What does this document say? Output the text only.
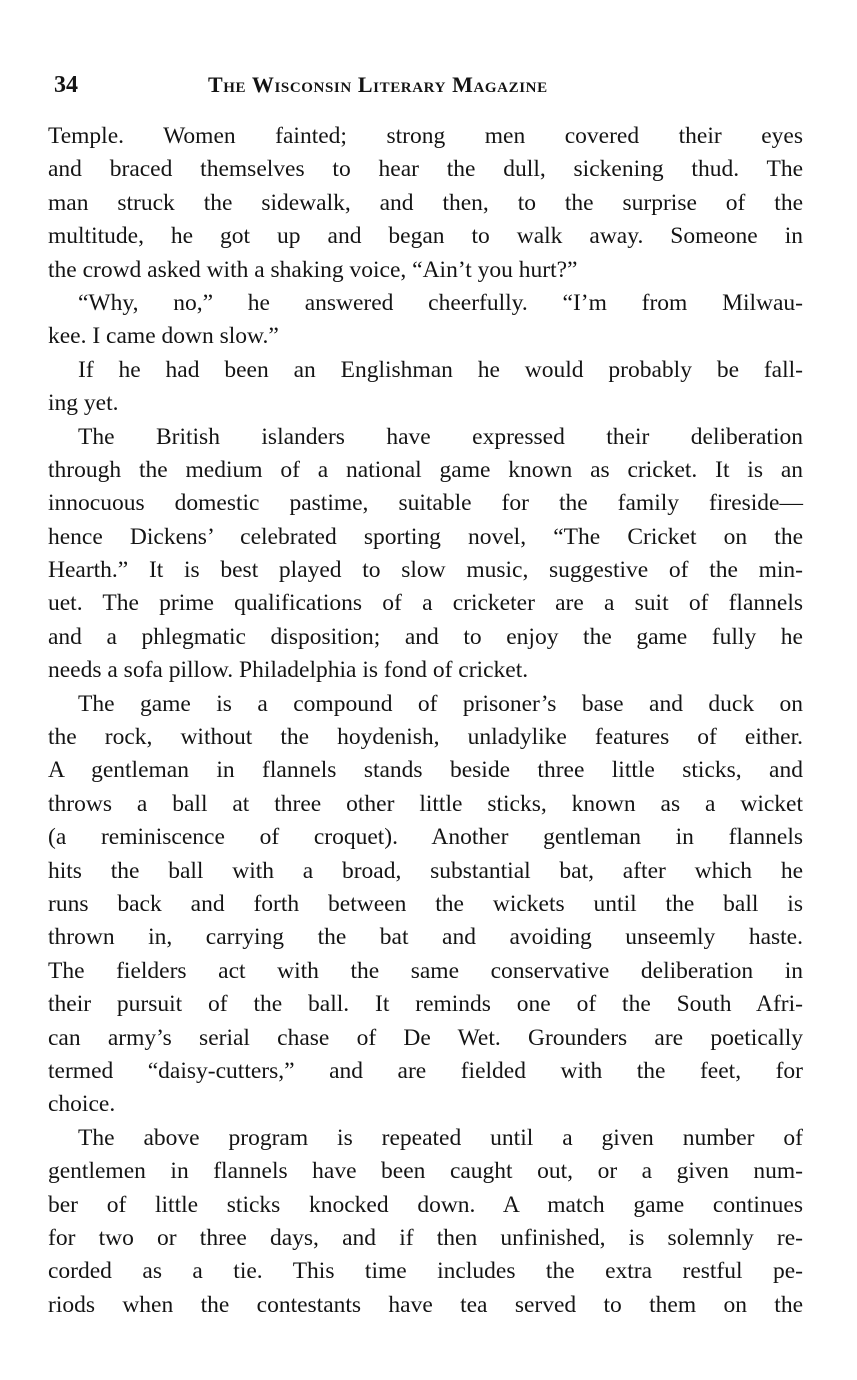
34	The Wisconsin Literary Magazine
Temple. Women fainted; strong men covered their eyes
and braced themselves to hear the dull, sickening thud. The
man struck the sidewalk, and then, to the surprise of the
multitude, he got up and began to walk away. Someone in
the crowd asked with a shaking voice, “Ain’t you hurt?”
“Why, no,” he answered cheerfully. “I’m from Milwau-
kee. I came down slow.”
If he had been an Englishman he would probably be fall-
ing yet.
The British islanders have expressed their deliberation
through the medium of a national game known as cricket. It is an
innocuous domestic pastime, suitable for the family fireside—
hence Dickens’ celebrated sporting novel, “The Cricket on the
Hearth.” It is best played to slow music, suggestive of the min-
uet. The prime qualifications of a cricketer are a suit of flannels
and a phlegmatic disposition; and to enjoy the game fully he
needs a sofa pillow. Philadelphia is fond of cricket.
The game is a compound of prisoner’s base and duck on
the rock, without the hoydenish, unladylike features of either.
A gentleman in flannels stands beside three little sticks, and
throws a ball at three other little sticks, known as a wicket
(a reminiscence of croquet). Another gentleman in flannels
hits the ball with a broad, substantial bat, after which he
runs back and forth between the wickets until the ball is
thrown in, carrying the bat and avoiding unseemly haste.
The fielders act with the same conservative deliberation in
their pursuit of the ball. It reminds one of the South Afri-
can army’s serial chase of De Wet. Grounders are poetically
termed “daisy-cutters,” and are fielded with the feet, for
choice.
The above program is repeated until a given number of
gentlemen in flannels have been caught out, or a given num-
ber of little sticks knocked down. A match game continues
for two or three days, and if then unfinished, is solemnly re-
corded as a tie. This time includes the extra restful pe-
riods when the contestants have tea served to them on the
